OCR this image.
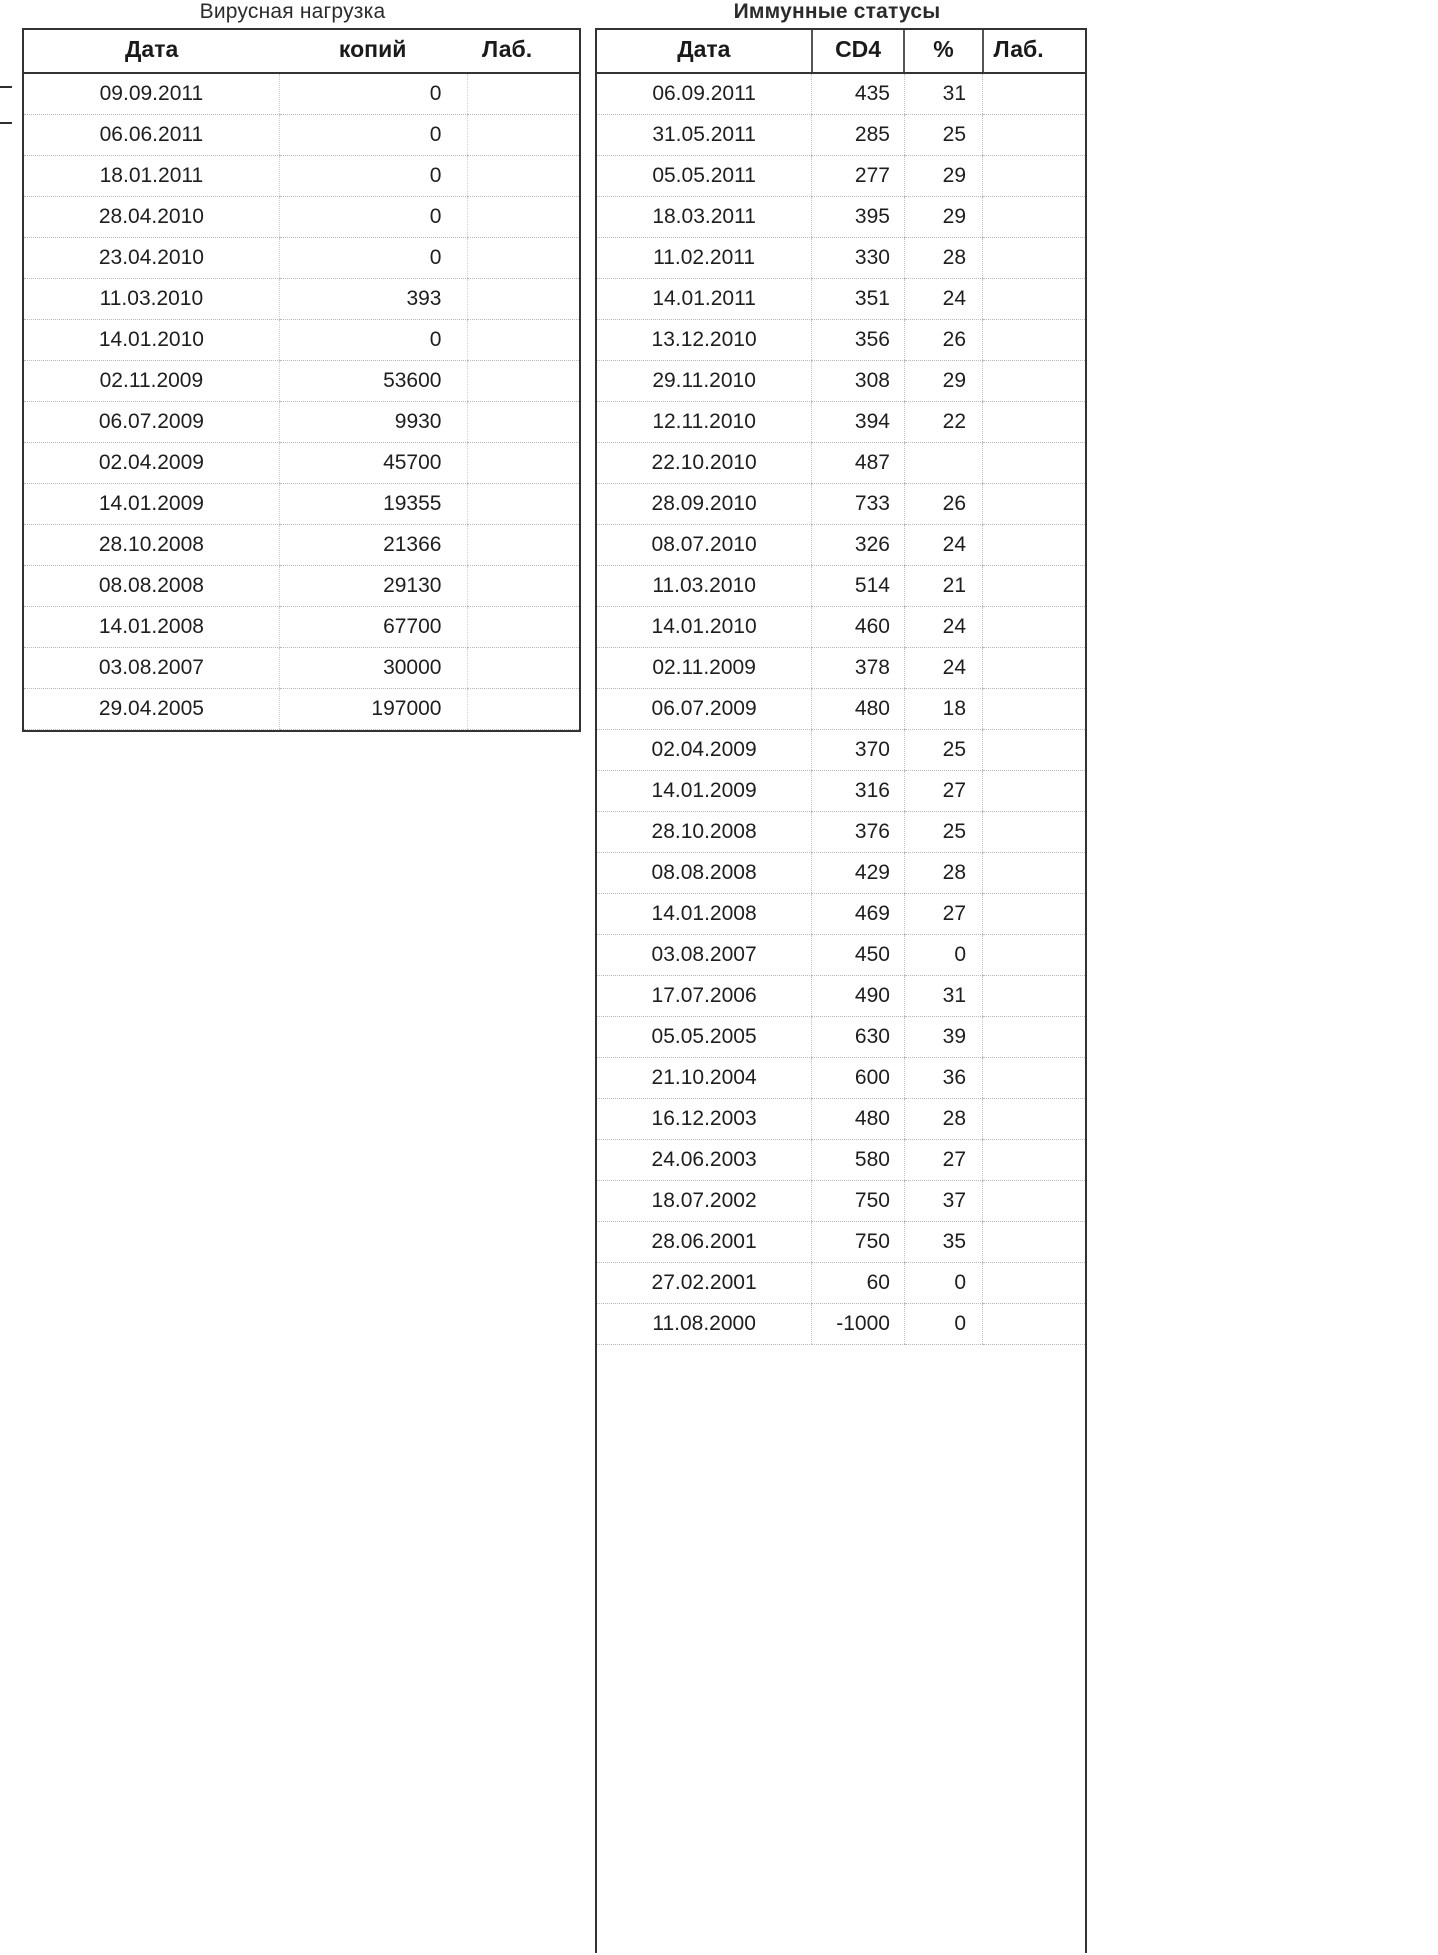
Вирусная нагрузка
Дата	копий	Лаб.
09.09.2011	0	
06.06.2011	0	
18.01.2011	0	
28.04.2010	0	
23.04.2010	0	
11.03.2010	393	
14.01.2010	0	
02.11.2009	53600	
06.07.2009	9930	
02.04.2009	45700	
14.01.2009	19355	
28.10.2008	21366	
08.08.2008	29130	
14.01.2008	67700	
03.08.2007	30000	
29.04.2005	197000	
Иммунные статусы
Дата	CD4	%	Лаб.
06.09.2011	435	31	
31.05.2011	285	25	
05.05.2011	277	29	
18.03.2011	395	29	
11.02.2011	330	28	
14.01.2011	351	24	
13.12.2010	356	26	
29.11.2010	308	29	
12.11.2010	394	22	
22.10.2010	487		
28.09.2010	733	26	
08.07.2010	326	24	
11.03.2010	514	21	
14.01.2010	460	24	
02.11.2009	378	24	
06.07.2009	480	18	
02.04.2009	370	25	
14.01.2009	316	27	
28.10.2008	376	25	
08.08.2008	429	28	
14.01.2008	469	27	
03.08.2007	450	0	
17.07.2006	490	31	
05.05.2005	630	39	
21.10.2004	600	36	
16.12.2003	480	28	
24.06.2003	580	27	
18.07.2002	750	37	
28.06.2001	750	35	
27.02.2001	60	0	
11.08.2000	-1000	0	
